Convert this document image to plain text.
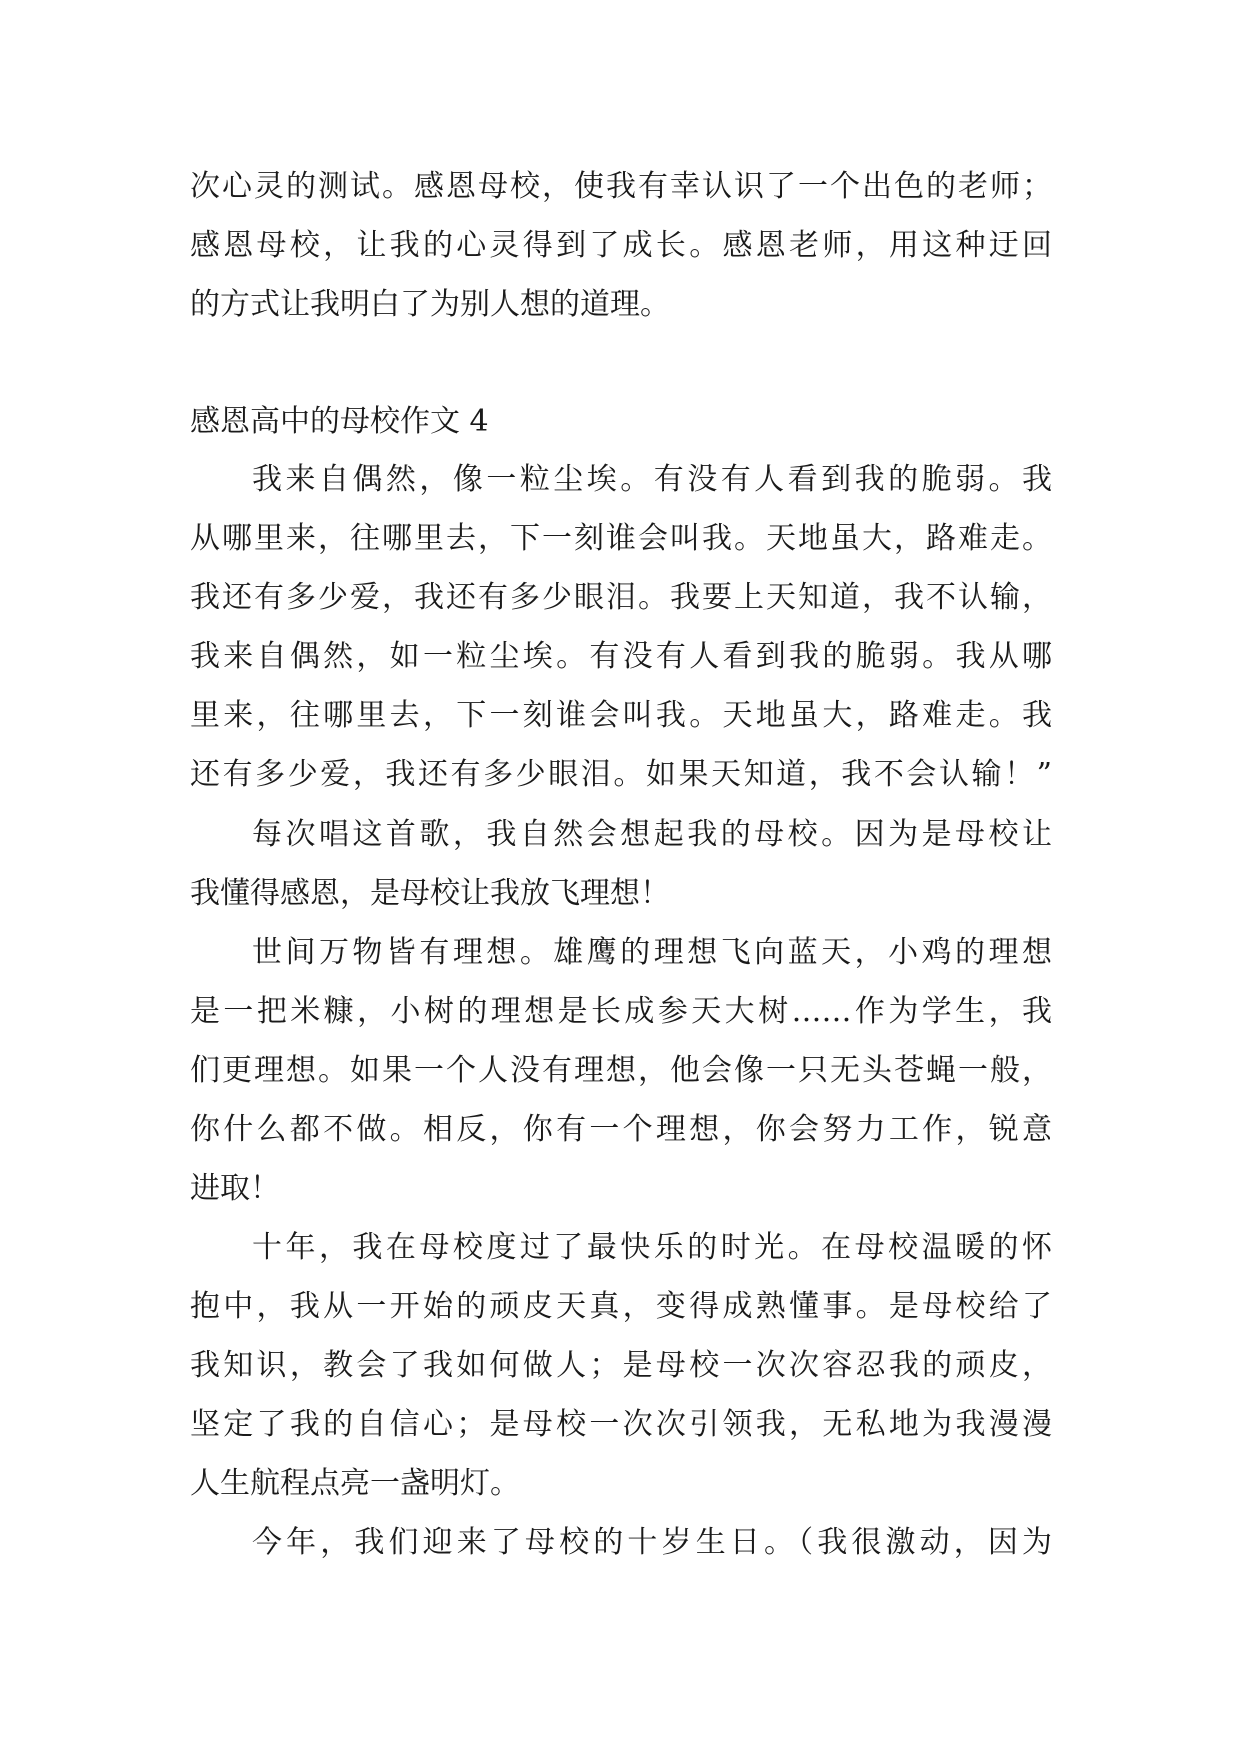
次心灵的测试。感恩母校，使我有幸认识了一个出色的老师；
感恩母校，让我的心灵得到了成长。感恩老师，用这种迂回
的方式让我明白了为别人想的道理。
感恩高中的母校作文 4
我来自偶然，像一粒尘埃。有没有人看到我的脆弱。我
从哪里来，往哪里去，下一刻谁会叫我。天地虽大，路难走。
我还有多少爱，我还有多少眼泪。我要上天知道，我不认输，
我来自偶然，如一粒尘埃。有没有人看到我的脆弱。我从哪
里来，往哪里去，下一刻谁会叫我。天地虽大，路难走。我
还有多少爱，我还有多少眼泪。如果天知道，我不会认输！”
每次唱这首歌，我自然会想起我的母校。因为是母校让
我懂得感恩，是母校让我放飞理想！
世间万物皆有理想。雄鹰的理想飞向蓝天，小鸡的理想
是一把米糠，小树的理想是长成参天大树……作为学生，我
们更理想。如果一个人没有理想，他会像一只无头苍蝇一般，
你什么都不做。相反，你有一个理想，你会努力工作，锐意
进取！
十年，我在母校度过了最快乐的时光。在母校温暖的怀
抱中，我从一开始的顽皮天真，变得成熟懂事。是母校给了
我知识，教会了我如何做人；是母校一次次容忍我的顽皮，
坚定了我的自信心；是母校一次次引领我，无私地为我漫漫
人生航程点亮一盏明灯。
今年，我们迎来了母校的十岁生日。（我很激动，因为
